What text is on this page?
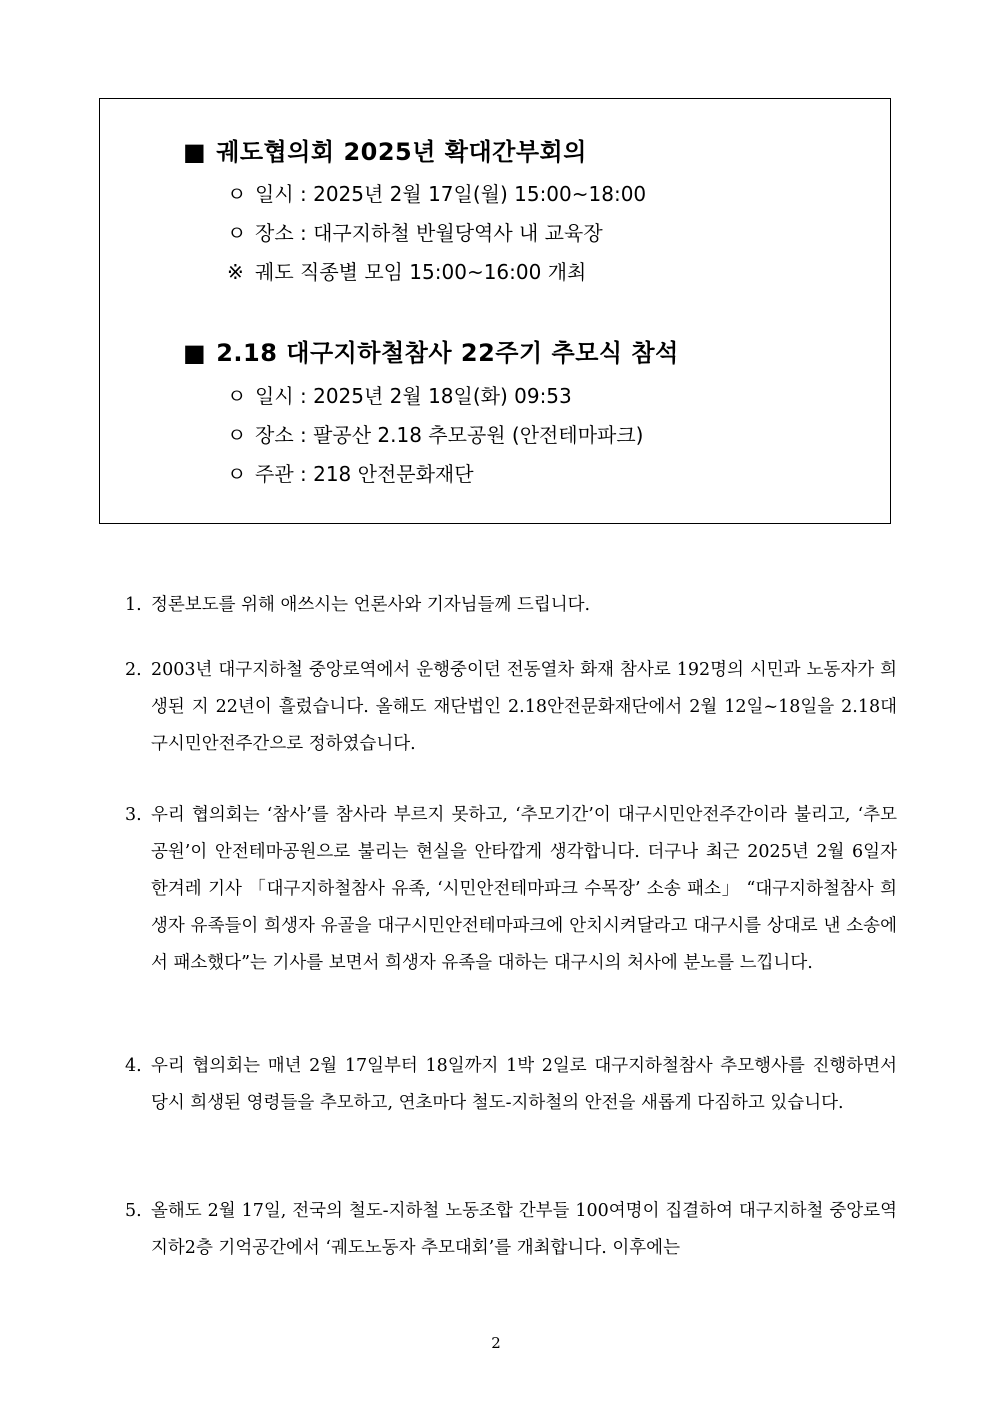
■ 궤도협의회 2025년 확대간부회의
ㅇ 일시 : 2025년 2월 17일(월) 15:00~18:00
ㅇ 장소 : 대구지하철 반월당역사 내 교육장
※ 궤도 직종별 모임 15:00~16:00 개최
■ 2.18 대구지하철참사 22주기 추모식 참석
ㅇ 일시 : 2025년 2월 18일(화) 09:53
ㅇ 장소 : 팔공산 2.18 추모공원 (안전테마파크)
ㅇ 주관 : 218 안전문화재단
1. 정론보도를 위해 애쓰시는 언론사와 기자님들께 드립니다.
2. 2003년 대구지하철 중앙로역에서 운행중이던 전동열차 화재 참사로 192명의 시민과 노동자가 희생된 지 22년이 흘렀습니다. 올해도 재단법인 2.18안전문화재단에서 2월 12일~18일을 2.18대구시민안전주간으로 정하였습니다.
3. 우리 협의회는 ‘참사’를 참사라 부르지 못하고, ‘추모기간’이 대구시민안전주간이라 불리고, ‘추모공원’이 안전테마공원으로 불리는 현실을 안타깝게 생각합니다. 더구나 최근 2025년 2월 6일자 한겨레 기사 「대구지하철참사 유족, ‘시민안전테마파크 수목장’ 소송 패소」 “대구지하철참사 희생자 유족들이 희생자 유골을 대구시민안전테마파크에 안치시켜달라고 대구시를 상대로 낸 소송에서 패소했다”는 기사를 보면서 희생자 유족을 대하는 대구시의 처사에 분노를 느낍니다.
4. 우리 협의회는 매년 2월 17일부터 18일까지 1박 2일로 대구지하철참사 추모행사를 진행하면서 당시 희생된 영령들을 추모하고, 연초마다 철도-지하철의 안전을 새롭게 다짐하고 있습니다.
5. 올해도 2월 17일, 전국의 철도-지하철 노동조합 간부들 100여명이 집결하여 대구지하철 중앙로역 지하2층 기억공간에서 ‘궤도노동자 추모대회’를 개최합니다. 이후에는
2
